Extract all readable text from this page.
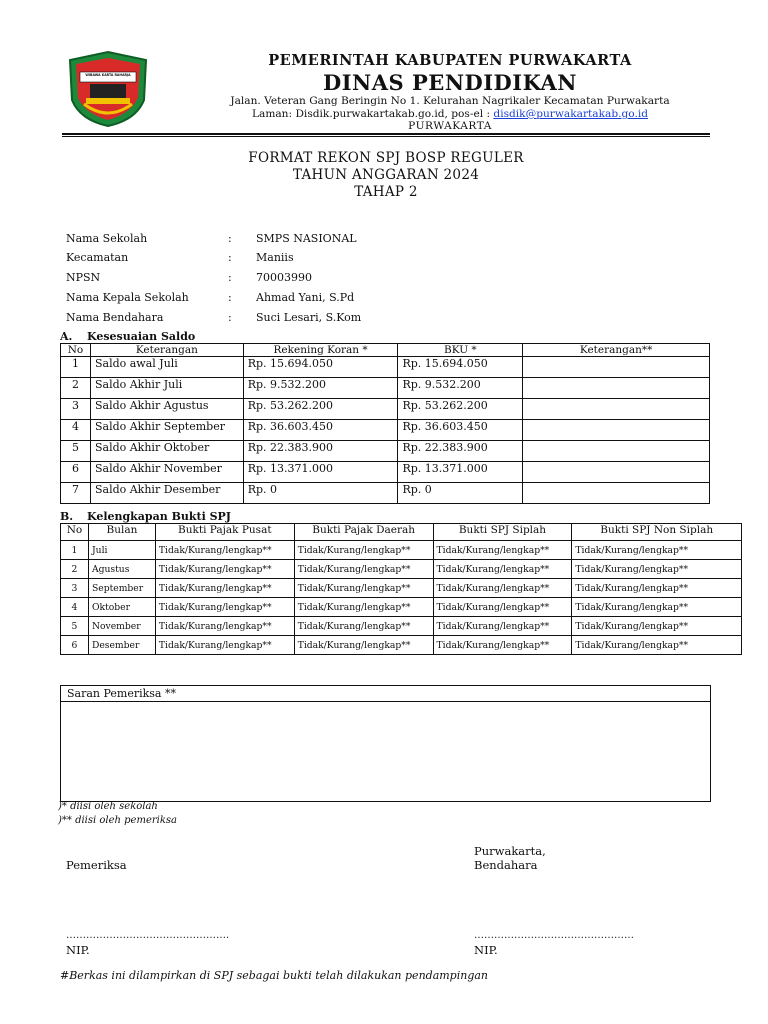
WIBAWA KARTA RAHARJA
PEMERINTAH KABUPATEN PURWAKARTA
DINAS PENDIDIKAN
Jalan. Veteran Gang Beringin No 1. Kelurahan Nagrikaler Kecamatan Purwakarta
Laman: Disdik.purwakartakab.go.id, pos-el : disdik@purwakartakab.go.id
PURWAKARTA
FORMAT REKON SPJ BOSP REGULER
TAHUN ANGGARAN 2024
TAHAP 2
Nama Sekolah	: SMPS NASIONAL
Kecamatan	: Maniis
NPSN	: 70003990
Nama Kepala Sekolah	: Ahmad Yani, S.Pd
Nama Bendahara	: Suci Lesari, S.Kom
A. Kesesuaian Saldo
No	Keterangan	Rekening Koran *	BKU *	Keterangan**
1	Saldo awal Juli	Rp. 15.694.050	Rp. 15.694.050	
2	Saldo Akhir Juli	Rp. 9.532.200	Rp. 9.532.200	
3	Saldo Akhir Agustus	Rp. 53.262.200	Rp. 53.262.200	
4	Saldo Akhir September	Rp. 36.603.450	Rp. 36.603.450	
5	Saldo Akhir Oktober	Rp. 22.383.900	Rp. 22.383.900	
6	Saldo Akhir November	Rp. 13.371.000	Rp. 13.371.000	
7	Saldo Akhir Desember	Rp. 0	Rp. 0	
B. Kelengkapan Bukti SPJ
No	Bulan	Bukti Pajak Pusat	Bukti Pajak Daerah	Bukti SPJ Siplah	Bukti SPJ Non Siplah
1	Juli	Tidak/Kurang/lengkap**	Tidak/Kurang/lengkap**	Tidak/Kurang/lengkap**	Tidak/Kurang/lengkap**
2	Agustus	Tidak/Kurang/lengkap**	Tidak/Kurang/lengkap**	Tidak/Kurang/lengkap**	Tidak/Kurang/lengkap**
3	September	Tidak/Kurang/lengkap**	Tidak/Kurang/lengkap**	Tidak/Kurang/lengkap**	Tidak/Kurang/lengkap**
4	Oktober	Tidak/Kurang/lengkap**	Tidak/Kurang/lengkap**	Tidak/Kurang/lengkap**	Tidak/Kurang/lengkap**
5	November	Tidak/Kurang/lengkap**	Tidak/Kurang/lengkap**	Tidak/Kurang/lengkap**	Tidak/Kurang/lengkap**
6	Desember	Tidak/Kurang/lengkap**	Tidak/Kurang/lengkap**	Tidak/Kurang/lengkap**	Tidak/Kurang/lengkap**
Saran Pemeriksa **
)* diisi oleh sekolah
)** diisi oleh pemeriksa
Purwakarta,
Pemeriksa	Bendahara
………………………………………….	…………………………………………
NIP.	NIP.
#Berkas ini dilampirkan di SPJ sebagai bukti telah dilakukan pendampingan
